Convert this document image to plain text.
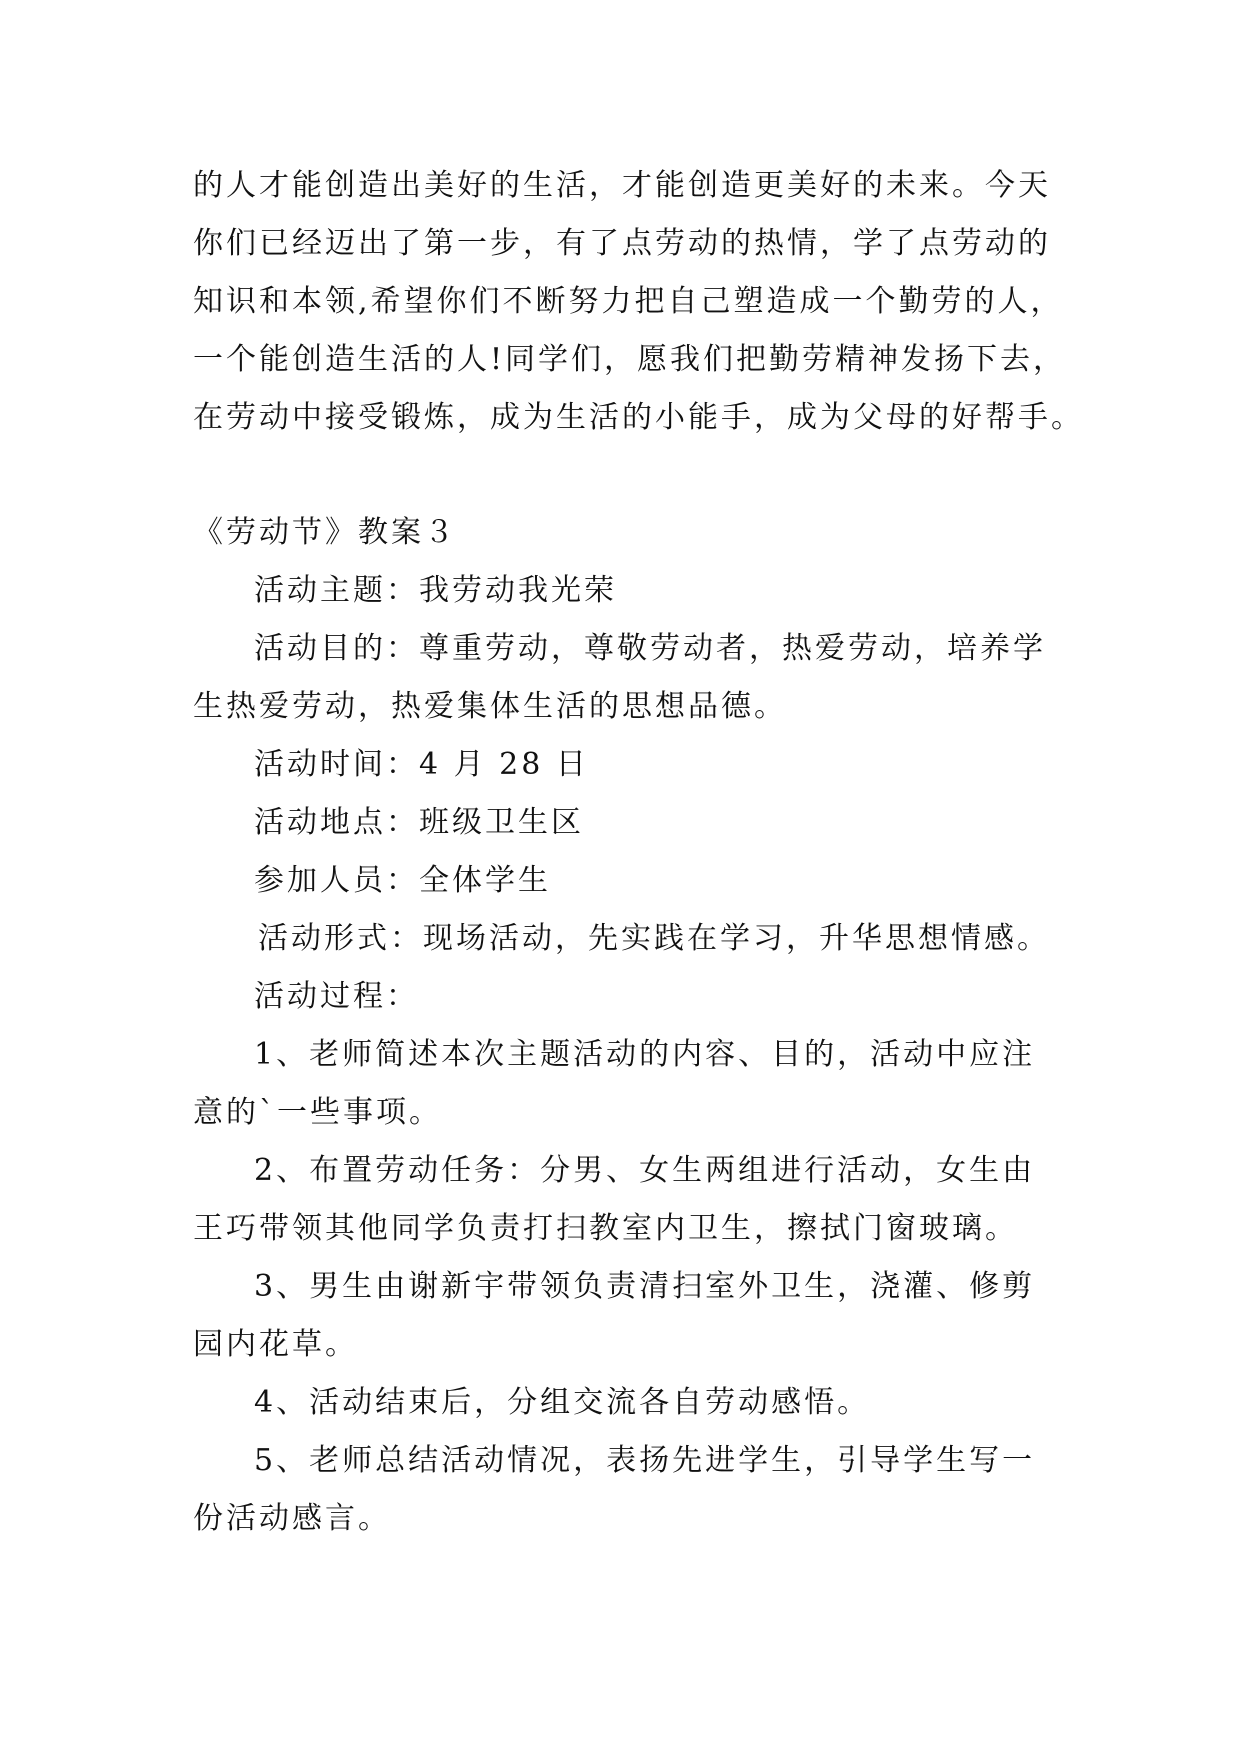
的人才能创造出美好的生活，才能创造更美好的未来。今天
你们已经迈出了第一步，有了点劳动的热情，学了点劳动的
知识和本领,希望你们不断努力把自己塑造成一个勤劳的人，
一个能创造生活的人!同学们，愿我们把勤劳精神发扬下去，
在劳动中接受锻炼，成为生活的小能手，成为父母的好帮手。
《劳动节》教案３
活动主题：我劳动我光荣
活动目的：尊重劳动，尊敬劳动者，热爱劳动，培养学
生热爱劳动，热爱集体生活的思想品德。
活动时间：4 月 28 日
活动地点：班级卫生区
参加人员：全体学生
活动形式：现场活动，先实践在学习，升华思想情感。
活动过程：
1、老师简述本次主题活动的内容、目的，活动中应注
意的`一些事项。
2、布置劳动任务：分男、女生两组进行活动，女生由
王巧带领其他同学负责打扫教室内卫生，擦拭门窗玻璃。
3、男生由谢新宇带领负责清扫室外卫生，浇灌、修剪
园内花草。
4、活动结束后，分组交流各自劳动感悟。
5、老师总结活动情况，表扬先进学生，引导学生写一
份活动感言。
